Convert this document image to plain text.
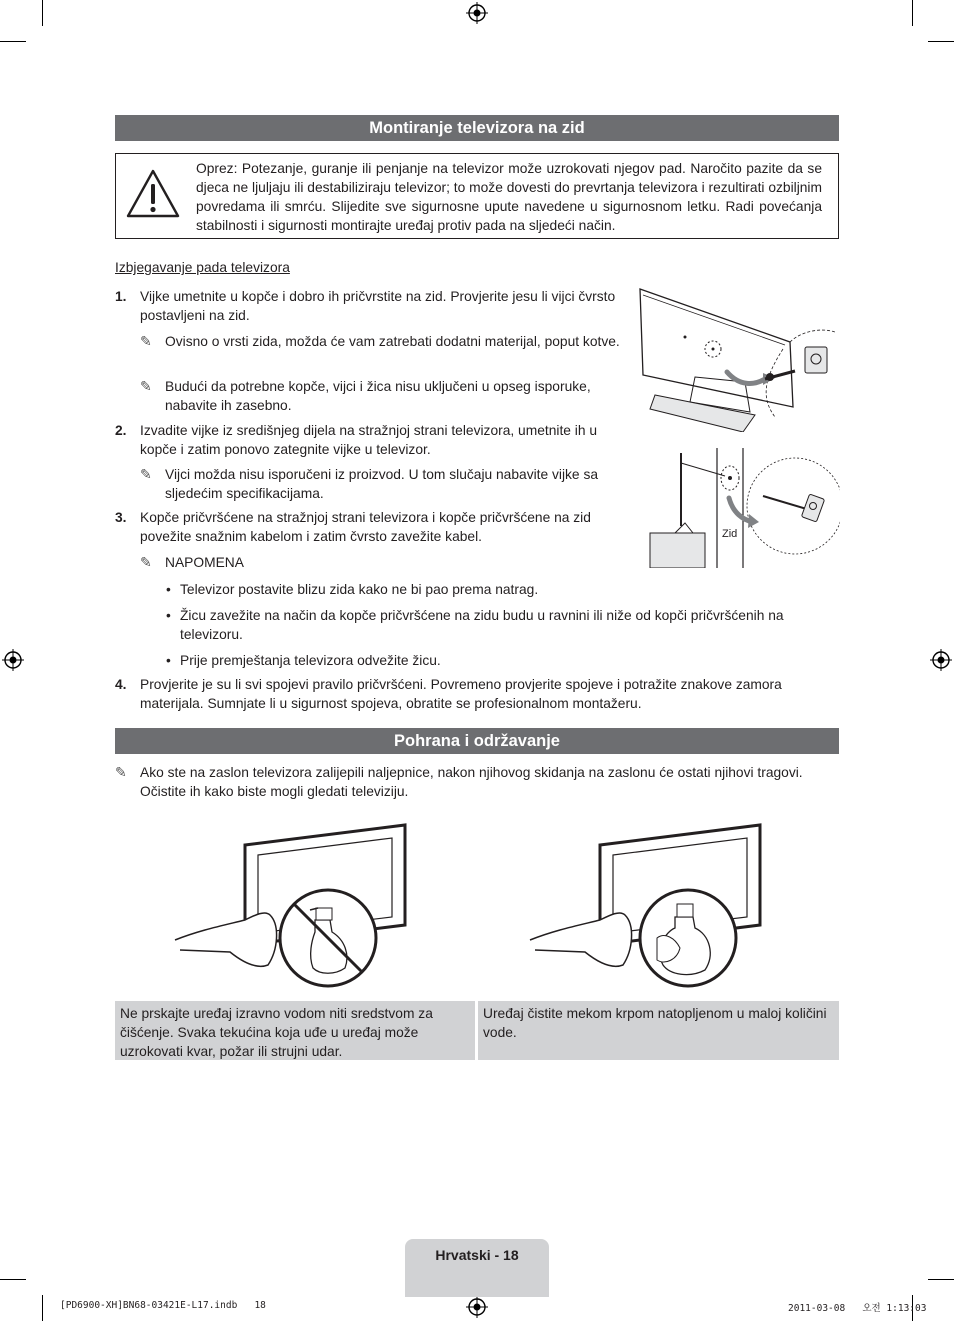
Montiranje televizora na zid
Oprez: Potezanje, guranje ili penjanje na televizor može uzrokovati njegov pad. Naročito pazite da se djeca ne ljuljaju ili destabiliziraju televizor; to može dovesti do prevrtanja televizora i rezultirati ozbiljnim povredama ili smrću. Slijedite sve sigurnosne upute navedene u sigurnosnom letku. Radi povećanja stabilnosti i sigurnosti montirajte uređaj protiv pada na sljedeći način.
Izbjegavanje pada televizora
1. Vijke umetnite u kopče i dobro ih pričvrstite na zid. Provjerite jesu li vijci čvrsto postavljeni na zid.
✎ Ovisno o vrsti zida, možda će vam zatrebati dodatni materijal, poput kotve.
✎ Budući da potrebne kopče, vijci i žica nisu uključeni u opseg isporuke, nabavite ih zasebno.
2. Izvadite vijke iz središnjeg dijela na stražnjoj strani televizora, umetnite ih u kopče i zatim ponovo zategnite vijke u televizor.
✎ Vijci možda nisu isporučeni iz proizvod. U tom slučaju nabavite vijke sa sljedećim specifikacijama.
3. Kopče pričvršćene na stražnjoj strani televizora i kopče pričvršćene na zid povežite snažnim kabelom i zatim čvrsto zavežite kabel.
✎ NAPOMENA
• Televizor postavite blizu zida kako ne bi pao prema natrag.
• Žicu zavežite na način da kopče pričvršćene na zidu budu u ravnini ili niže od kopči pričvršćenih na televizoru.
• Prije premještanja televizora odvežite žicu.
4. Provjerite je su li svi spojevi pravilo pričvršćeni. Povremeno provjerite spojeve i potražite znakove zamora materijala. Sumnjate li u sigurnost spojeva, obratite se profesionalnom montažeru.
Zid
Pohrana i održavanje
✎ Ako ste na zaslon televizora zalijepili naljepnice, nakon njihovog skidanja na zaslonu će ostati njihovi tragovi. Očistite ih kako biste mogli gledati televiziju.
Ne prskajte uređaj izravno vodom niti sredstvom za čišćenje. Svaka tekućina koja uđe u uređaj može uzrokovati kvar, požar ili strujni udar.
Uređaj čistite mekom krpom natopljenom u maloj količini vode.
Hrvatski - 18
[PD6900-XH]BN68-03421E-L17.indb   18	2011-03-08   오전 1:13:03
